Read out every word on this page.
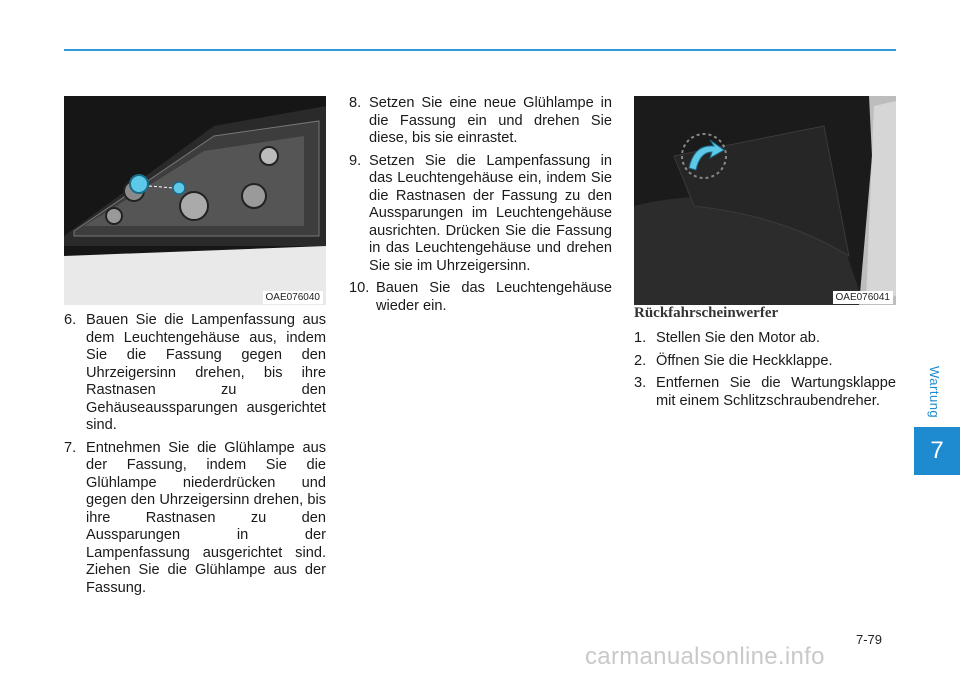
Wartung
7
OAE076040	OAE076041
6. Bauen Sie die Lampenfassung aus dem Leuchtengehäuse aus, indem Sie die Fassung gegen den Uhrzeigersinn drehen, bis ihre Rastnasen zu den Gehäuseaussparungen ausgerichtet sind.
7. Entnehmen Sie die Glühlampe aus der Fassung, indem Sie die Glühlampe niederdrücken und gegen den Uhrzeigersinn drehen, bis ihre Rastnasen zu den Aussparungen in der Lampenfassung ausgerichtet sind. Ziehen Sie die Glühlampe aus der Fassung.
8. Setzen Sie eine neue Glühlampe in die Fassung ein und drehen Sie diese, bis sie einrastet.
9. Setzen Sie die Lampenfassung in das Leuchtengehäuse ein, indem Sie die Rastnasen der Fassung zu den Aussparungen im Leuchtengehäuse ausrichten. Drücken Sie die Fassung in das Leuchtengehäuse und drehen Sie sie im Uhrzeigersinn.
10. Bauen Sie das Leuchtengehäuse wieder ein.	Rückfahrscheinwerfer
1. Stellen Sie den Motor ab.
2. Öffnen Sie die Heckklappe.
3. Entfernen Sie die Wartungsklappe mit einem Schlitzschraubendreher.
7-79
carmanualsonline.info
